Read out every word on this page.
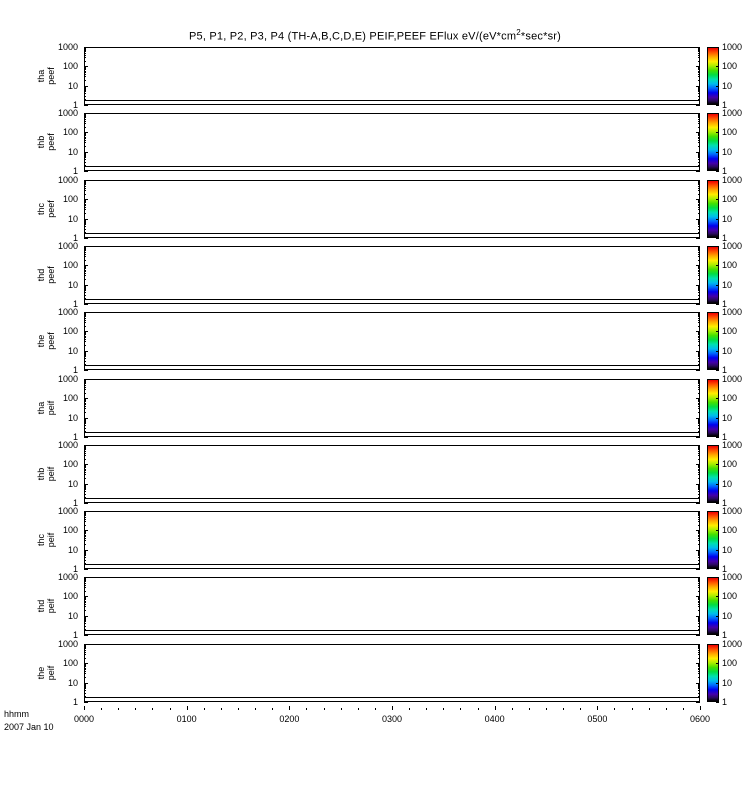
P5, P1, P2, P3, P4 (TH-A,B,C,D,E) PEIF,PEEF EFlux $eV/(eV*cm^2*\sec*sr)$
tha peef
1000
100
10
1
1000
100
10
1
thb peef
1000
100
10
1
1000
100
10
1
thc peef
1000
100
10
1
1000
100
10
1
thd peef
1000
100
10
1
1000
100
10
1
the peef
1000
100
10
1
1000
100
10
1
tha peif
1000
100
10
1
1000
100
10
1
thb peif
1000
100
10
1
1000
100
10
1
thc peif
1000
100
10
1
1000
100
10
1
thd peif
1000
100
10
1
1000
100
10
1
the peif
1000
100
10
1
1000
100
10
1
hhmm
2007 Jan 10
0000	0100	0200	0300	0400	0500	0600
